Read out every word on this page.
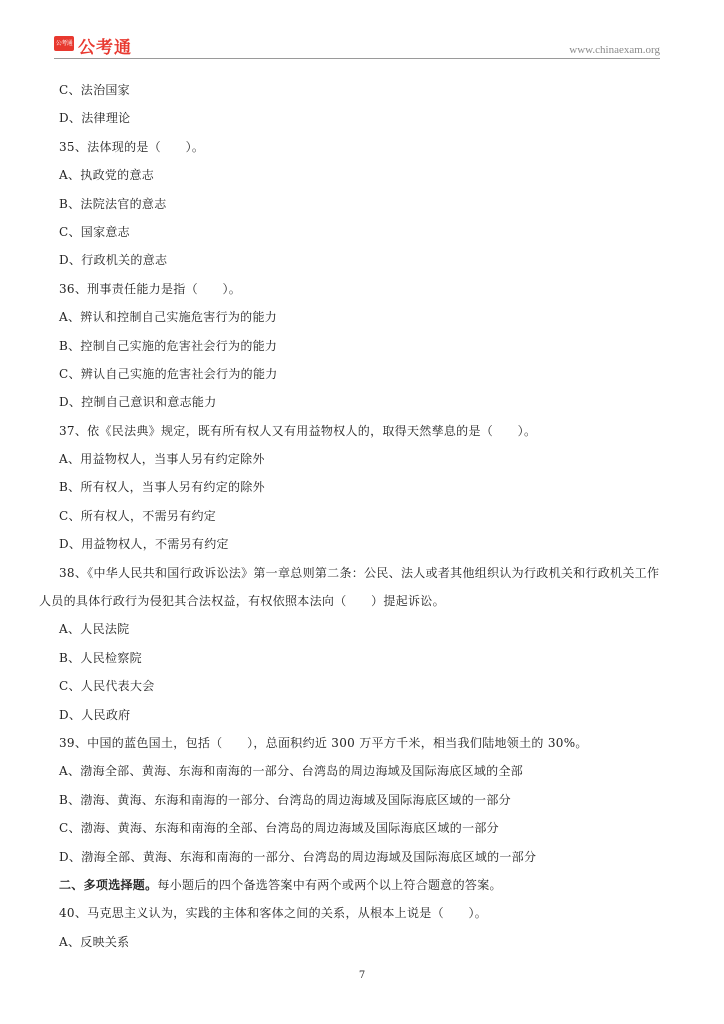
公考通 公考通	www.chinaexam.org
C、法治国家
D、法律理论
35、法体现的是（　　）。
A、执政党的意志
B、法院法官的意志
C、国家意志
D、行政机关的意志
36、刑事责任能力是指（　　）。
A、辨认和控制自己实施危害行为的能力
B、控制自己实施的危害社会行为的能力
C、辨认自己实施的危害社会行为的能力
D、控制自己意识和意志能力
37、依《民法典》规定，既有所有权人又有用益物权人的，取得天然孳息的是（　　）。
A、用益物权人，当事人另有约定除外
B、所有权人，当事人另有约定的除外
C、所有权人，不需另有约定
D、用益物权人，不需另有约定
38、《中华人民共和国行政诉讼法》第一章总则第二条：公民、法人或者其他组织认为行政机关和行政机关工作人员的具体行政行为侵犯其合法权益，有权依照本法向（　　）提起诉讼。
A、人民法院
B、人民检察院
C、人民代表大会
D、人民政府
39、中国的蓝色国土，包括（　　），总面积约近 300 万平方千米，相当我们陆地领土的 30%。
A、渤海全部、黄海、东海和南海的一部分、台湾岛的周边海域及国际海底区域的全部
B、渤海、黄海、东海和南海的一部分、台湾岛的周边海域及国际海底区域的一部分
C、渤海、黄海、东海和南海的全部、台湾岛的周边海域及国际海底区域的一部分
D、渤海全部、黄海、东海和南海的一部分、台湾岛的周边海域及国际海底区域的一部分
二、多项选择题。每小题后的四个备选答案中有两个或两个以上符合题意的答案。
40、马克思主义认为，实践的主体和客体之间的关系，从根本上说是（　　）。
A、反映关系
7
